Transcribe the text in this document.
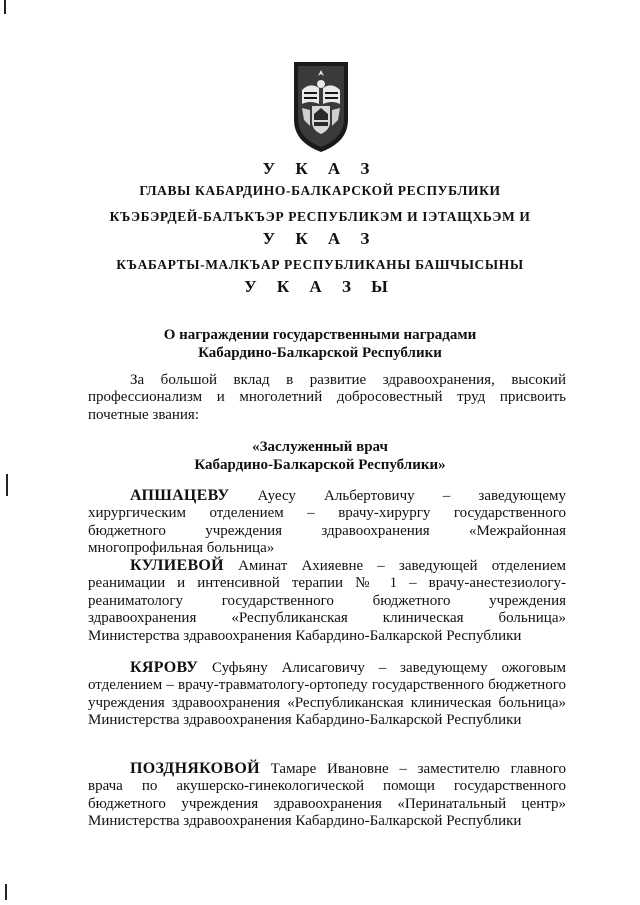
У К А З
ГЛАВЫ КАБАРДИНО-БАЛКАРСКОЙ РЕСПУБЛИКИ
КЪЭБЭРДЕЙ-БАЛЪКЪЭР РЕСПУБЛИКЭМ И ІЭТАЩХЬЭМ И
У К А З
КЪАБАРТЫ-МАЛКЪАР РЕСПУБЛИКАНЫ БАШЧЫСЫНЫ
У К А З Ы
О награждении государственными наградами
Кабардино-Балкарской Республики
За большой вклад в развитие здравоохранения, высокий профессионализм и многолетний добросовестный труд присвоить почетные звания:
«Заслуженный врач
Кабардино-Балкарской Республики»
АПШАЦЕВУ Ауесу Альбертовичу – заведующему хирургическим отделением – врачу-хирургу государственного бюджетного учреждения здравоохранения «Межрайонная многопрофильная больница»
КУЛИЕВОЙ Аминат Ахияевне – заведующей отделением реанимации и интенсивной терапии № 1 – врачу-анестезиологу-реаниматологу государственного бюджетного учреждения здравоохранения «Республиканская клиническая больница» Министерства здравоохранения Кабардино-Балкарской Республики
КЯРОВУ Суфьяну Алисаговичу – заведующему ожоговым отделением – врачу-травматологу-ортопеду государственного бюджетного учреждения здравоохранения «Республиканская клиническая больница» Министерства здравоохранения Кабардино-Балкарской Республики
ПОЗДНЯКОВОЙ Тамаре Ивановне – заместителю главного врача по акушерско-гинекологической помощи государственного бюджетного учреждения здравоохранения «Перинатальный центр» Министерства здравоохранения Кабардино-Балкарской Республики
